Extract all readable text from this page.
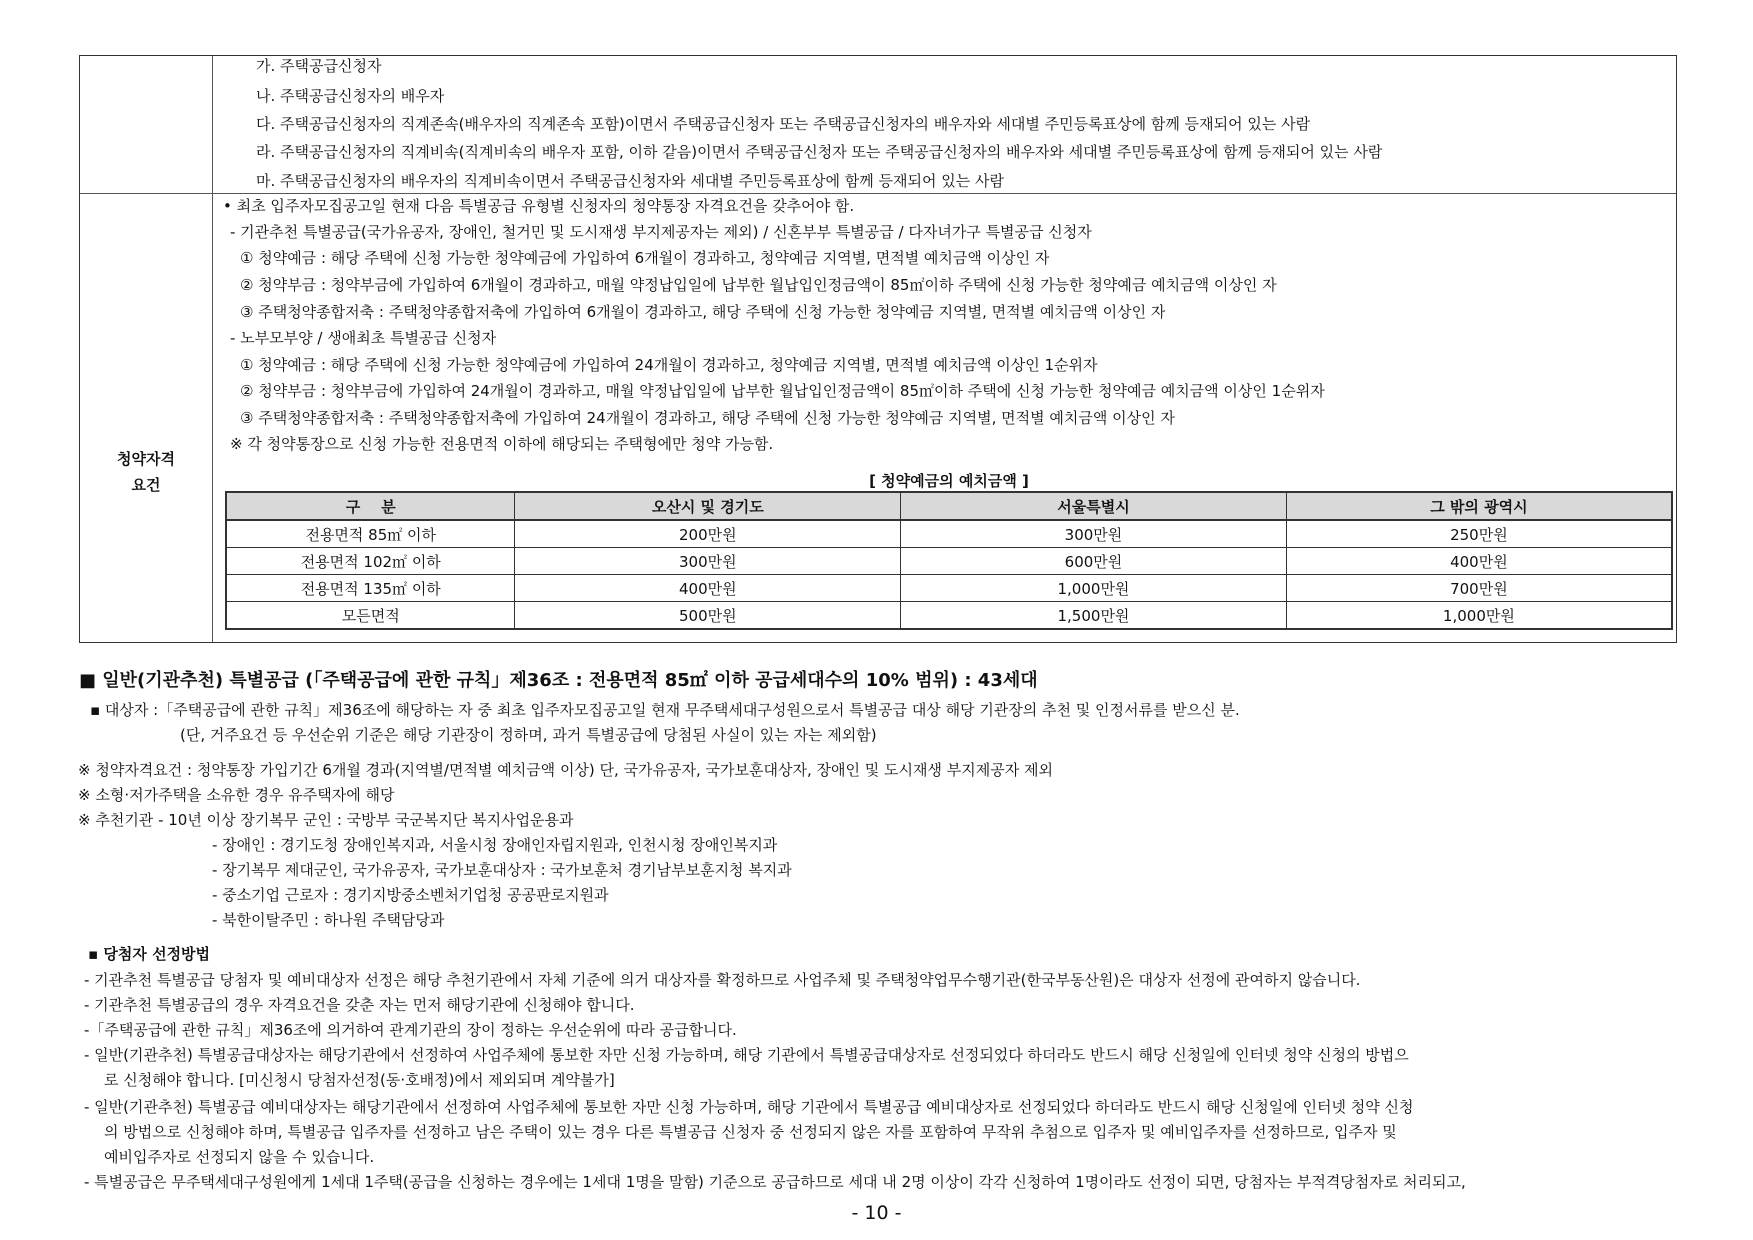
청약자격
요건
가. 주택공급신청자
나. 주택공급신청자의 배우자
다. 주택공급신청자의 직계존속(배우자의 직계존속 포함)이면서 주택공급신청자 또는 주택공급신청자의 배우자와 세대별 주민등록표상에 함께 등재되어 있는 사람
라. 주택공급신청자의 직계비속(직계비속의 배우자 포함, 이하 같음)이면서 주택공급신청자 또는 주택공급신청자의 배우자와 세대별 주민등록표상에 함께 등재되어 있는 사람
마. 주택공급신청자의 배우자의 직계비속이면서 주택공급신청자와 세대별 주민등록표상에 함께 등재되어 있는 사람
• 최초 입주자모집공고일 현재 다음 특별공급 유형별 신청자의 청약통장 자격요건을 갖추어야 함.
- 기관추천 특별공급(국가유공자, 장애인, 철거민 및 도시재생 부지제공자는 제외) / 신혼부부 특별공급 / 다자녀가구 특별공급 신청자
① 청약예금 : 해당 주택에 신청 가능한 청약예금에 가입하여 6개월이 경과하고, 청약예금 지역별, 면적별 예치금액 이상인 자
② 청약부금 : 청약부금에 가입하여 6개월이 경과하고, 매월 약정납입일에 납부한 월납입인정금액이 85㎡이하 주택에 신청 가능한 청약예금 예치금액 이상인 자
③ 주택청약종합저축 : 주택청약종합저축에 가입하여 6개월이 경과하고, 해당 주택에 신청 가능한 청약예금 지역별, 면적별 예치금액 이상인 자
- 노부모부양 / 생애최초 특별공급 신청자
① 청약예금 : 해당 주택에 신청 가능한 청약예금에 가입하여 24개월이 경과하고, 청약예금 지역별, 면적별 예치금액 이상인 1순위자
② 청약부금 : 청약부금에 가입하여 24개월이 경과하고, 매월 약정납입일에 납부한 월납입인정금액이 85㎡이하 주택에 신청 가능한 청약예금 예치금액 이상인 1순위자
③ 주택청약종합저축 : 주택청약종합저축에 가입하여 24개월이 경과하고, 해당 주택에 신청 가능한 청약예금 지역별, 면적별 예치금액 이상인 자
※ 각 청약통장으로 신청 가능한 전용면적 이하에 해당되는 주택형에만 청약 가능함.
[ 청약예금의 예치금액 ]
구    분	오산시 및 경기도	서울특별시	그 밖의 광역시
전용면적 85㎡ 이하	200만원	300만원	250만원
전용면적 102㎡ 이하	300만원	600만원	400만원
전용면적 135㎡ 이하	400만원	1,000만원	700만원
모든면적	500만원	1,500만원	1,000만원
■ 일반(기관추천) 특별공급 (「주택공급에 관한 규칙」제36조 : 전용면적 85㎡ 이하 공급세대수의 10% 범위) : 43세대
▪ 대상자 :「주택공급에 관한 규칙」제36조에 해당하는 자 중 최초 입주자모집공고일 현재 무주택세대구성원으로서 특별공급 대상 해당 기관장의 추천 및 인정서류를 받으신 분.
(단, 거주요건 등 우선순위 기준은 해당 기관장이 정하며, 과거 특별공급에 당첨된 사실이 있는 자는 제외함)
※ 청약자격요건 : 청약통장 가입기간 6개월 경과(지역별/면적별 예치금액 이상) 단, 국가유공자, 국가보훈대상자, 장애인 및 도시재생 부지제공자 제외
※ 소형·저가주택을 소유한 경우 유주택자에 해당
※ 추천기관 - 10년 이상 장기복무 군인 : 국방부 국군복지단 복지사업운용과
- 장애인 : 경기도청 장애인복지과, 서울시청 장애인자립지원과, 인천시청 장애인복지과
- 장기복무 제대군인, 국가유공자, 국가보훈대상자 : 국가보훈처 경기남부보훈지청 복지과
- 중소기업 근로자 : 경기지방중소벤처기업청 공공판로지원과
- 북한이탈주민 : 하나원 주택담당과
▪ 당첨자 선정방법
- 기관추천 특별공급 당첨자 및 예비대상자 선정은 해당 추천기관에서 자체 기준에 의거 대상자를 확정하므로 사업주체 및 주택청약업무수행기관(한국부동산원)은 대상자 선정에 관여하지 않습니다.
- 기관추천 특별공급의 경우 자격요건을 갖춘 자는 먼저 해당기관에 신청해야 합니다.
-「주택공급에 관한 규칙」제36조에 의거하여 관계기관의 장이 정하는 우선순위에 따라 공급합니다.
- 일반(기관추천) 특별공급대상자는 해당기관에서 선정하여 사업주체에 통보한 자만 신청 가능하며, 해당 기관에서 특별공급대상자로 선정되었다 하더라도 반드시 해당 신청일에 인터넷 청약 신청의 방법으
로 신청해야 합니다. [미신청시 당첨자선정(동·호배정)에서 제외되며 계약불가]
- 일반(기관추천) 특별공급 예비대상자는 해당기관에서 선정하여 사업주체에 통보한 자만 신청 가능하며, 해당 기관에서 특별공급 예비대상자로 선정되었다 하더라도 반드시 해당 신청일에 인터넷 청약 신청
의 방법으로 신청해야 하며, 특별공급 입주자를 선정하고 남은 주택이 있는 경우 다른 특별공급 신청자 중 선정되지 않은 자를 포함하여 무작위 추첨으로 입주자 및 예비입주자를 선정하므로, 입주자 및
예비입주자로 선정되지 않을 수 있습니다.
- 특별공급은 무주택세대구성원에게 1세대 1주택(공급을 신청하는 경우에는 1세대 1명을 말함) 기준으로 공급하므로 세대 내 2명 이상이 각각 신청하여 1명이라도 선정이 되면, 당첨자는 부적격당첨자로 처리되고,
- 10 -
